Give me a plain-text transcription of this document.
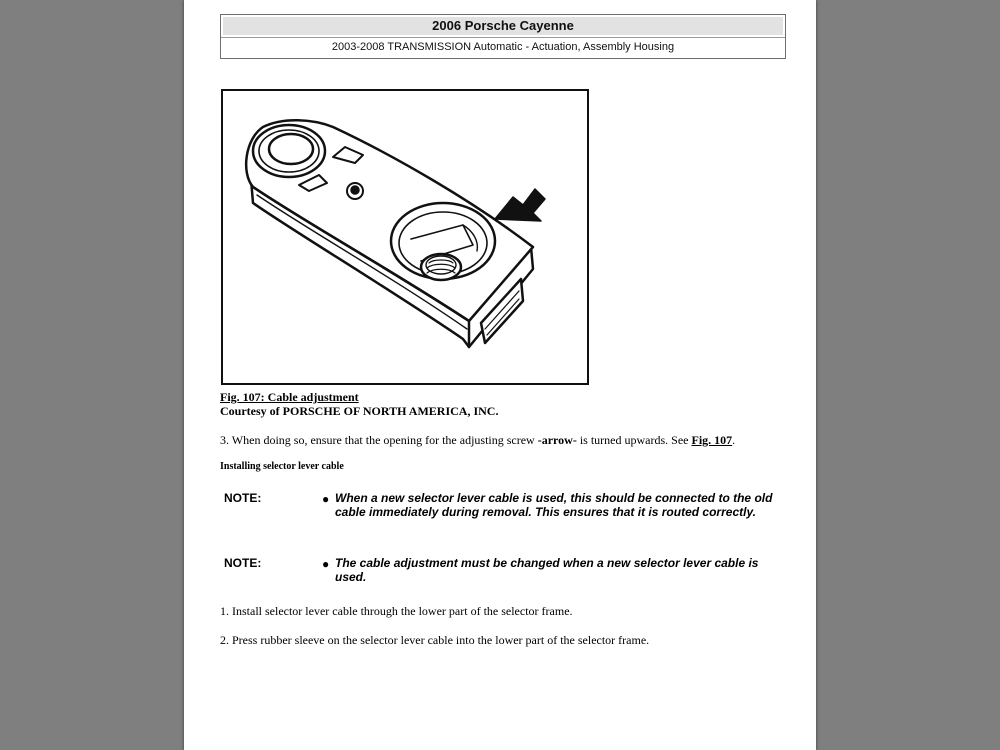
2006 Porsche Cayenne
2003-2008 TRANSMISSION Automatic - Actuation, Assembly Housing
Fig. 107: Cable adjustment
Courtesy of PORSCHE OF NORTH AMERICA, INC.
3. When doing so, ensure that the opening for the adjusting screw -arrow- is turned upwards. See Fig. 107.
Installing selector lever cable
NOTE:	● When a new selector lever cable is used, this should be connected to the old cable immediately during removal. This ensures that it is routed correctly.
NOTE:	● The cable adjustment must be changed when a new selector lever cable is used.
1. Install selector lever cable through the lower part of the selector frame.
2. Press rubber sleeve on the selector lever cable into the lower part of the selector frame.
